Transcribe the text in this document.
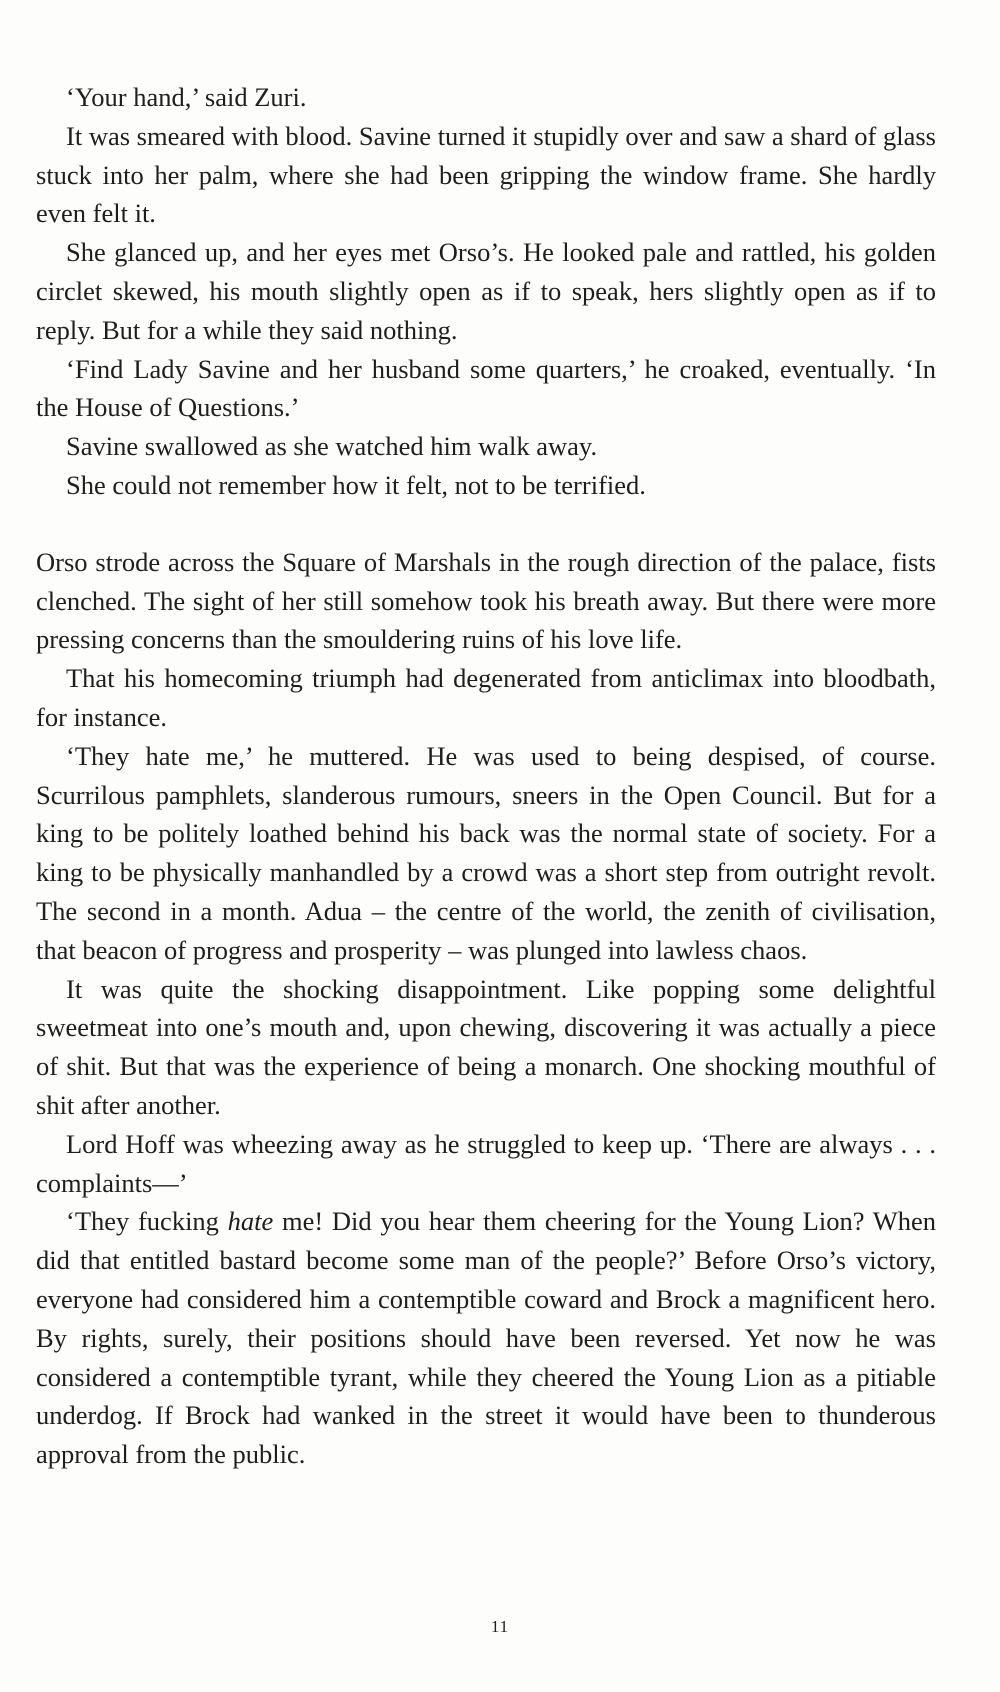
‘Your hand,’ said Zuri.

It was smeared with blood. Savine turned it stupidly over and saw a shard of glass stuck into her palm, where she had been gripping the window frame. She hardly even felt it.

She glanced up, and her eyes met Orso’s. He looked pale and rattled, his golden circlet skewed, his mouth slightly open as if to speak, hers slightly open as if to reply. But for a while they said nothing.

‘Find Lady Savine and her husband some quarters,’ he croaked, eventually. ‘In the House of Questions.’

Savine swallowed as she watched him walk away.

She could not remember how it felt, not to be terrified.

Orso strode across the Square of Marshals in the rough direction of the palace, fists clenched. The sight of her still somehow took his breath away. But there were more pressing concerns than the smouldering ruins of his love life.

That his homecoming triumph had degenerated from anticlimax into bloodbath, for instance.

‘They hate me,’ he muttered. He was used to being despised, of course. Scurrilous pamphlets, slanderous rumours, sneers in the Open Council. But for a king to be politely loathed behind his back was the normal state of society. For a king to be physically manhandled by a crowd was a short step from outright revolt. The second in a month. Adua – the centre of the world, the zenith of civilisation, that beacon of progress and prosperity – was plunged into lawless chaos.

It was quite the shocking disappointment. Like popping some delightful sweetmeat into one’s mouth and, upon chewing, discovering it was actually a piece of shit. But that was the experience of being a monarch. One shocking mouthful of shit after another.

Lord Hoff was wheezing away as he struggled to keep up. ‘There are always . . . complaints—’

‘They fucking hate me! Did you hear them cheering for the Young Lion? When did that entitled bastard become some man of the people?’ Before Orso’s victory, everyone had considered him a contemptible coward and Brock a magnificent hero. By rights, surely, their positions should have been reversed. Yet now he was considered a contemptible tyrant, while they cheered the Young Lion as a pitiable underdog. If Brock had wanked in the street it would have been to thunderous approval from the public.

11
